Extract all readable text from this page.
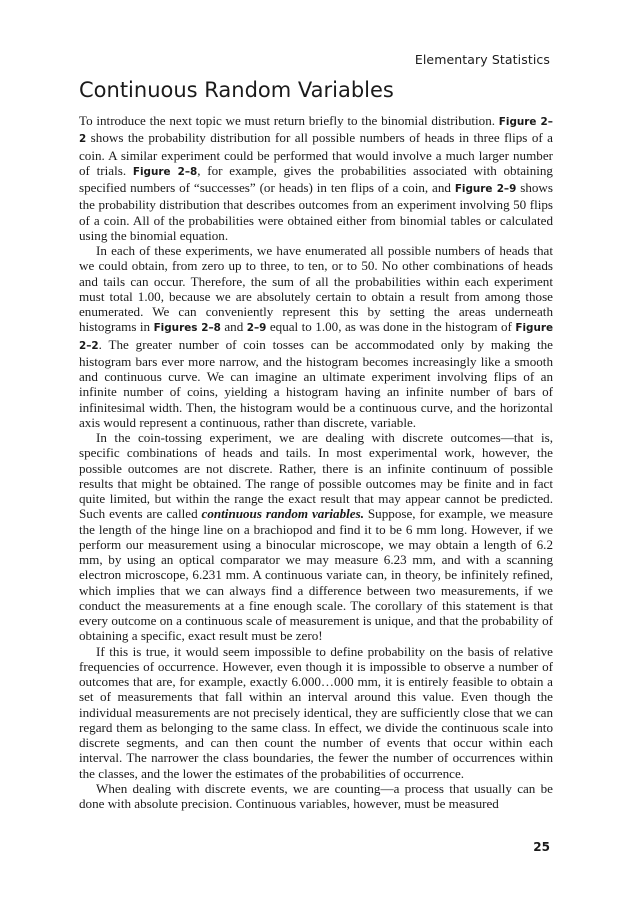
Elementary Statistics
Continuous Random Variables

To introduce the next topic we must return briefly to the binomial distribution. Figure 2–2 shows the probability distribution for all possible numbers of heads in three flips of a coin. A similar experiment could be performed that would involve a much larger number of trials. Figure 2–8, for example, gives the probabilities associated with obtaining specified numbers of “successes” (or heads) in ten flips of a coin, and Figure 2–9 shows the probability distribution that describes outcomes from an experiment involving 50 flips of a coin. All of the probabilities were obtained either from binomial tables or calculated using the binomial equation.

In each of these experiments, we have enumerated all possible numbers of heads that we could obtain, from zero up to three, to ten, or to 50. No other combinations of heads and tails can occur. Therefore, the sum of all the probabilities within each experiment must total 1.00, because we are absolutely certain to obtain a result from among those enumerated. We can conveniently represent this by setting the areas underneath histograms in Figures 2–8 and 2–9 equal to 1.00, as was done in the histogram of Figure 2–2. The greater number of coin tosses can be accommodated only by making the histogram bars ever more narrow, and the histogram becomes increasingly like a smooth and continuous curve. We can imagine an ultimate experiment involving flips of an infinite number of coins, yielding a histogram having an infinite number of bars of infinitesimal width. Then, the histogram would be a continuous curve, and the horizontal axis would represent a continuous, rather than discrete, variable.

In the coin-tossing experiment, we are dealing with discrete outcomes—that is, specific combinations of heads and tails. In most experimental work, however, the possible outcomes are not discrete. Rather, there is an infinite continuum of possible results that might be obtained. The range of possible outcomes may be finite and in fact quite limited, but within the range the exact result that may appear cannot be predicted. Such events are called continuous random variables. Suppose, for example, we measure the length of the hinge line on a brachiopod and find it to be 6 mm long. However, if we perform our measurement using a binocular microscope, we may obtain a length of 6.2 mm, by using an optical comparator we may measure 6.23 mm, and with a scanning electron microscope, 6.231 mm. A continuous variate can, in theory, be infinitely refined, which implies that we can always find a difference between two measurements, if we conduct the measurements at a fine enough scale. The corollary of this statement is that every outcome on a continuous scale of measurement is unique, and that the probability of obtaining a specific, exact result must be zero!

If this is true, it would seem impossible to define probability on the basis of relative frequencies of occurrence. However, even though it is impossible to observe a number of outcomes that are, for example, exactly 6.000…000 mm, it is entirely feasible to obtain a set of measurements that fall within an interval around this value. Even though the individual measurements are not precisely identical, they are sufficiently close that we can regard them as belonging to the same class. In effect, we divide the continuous scale into discrete segments, and can then count the number of events that occur within each interval. The narrower the class boundaries, the fewer the number of occurrences within the classes, and the lower the estimates of the probabilities of occurrence.

When dealing with discrete events, we are counting—a process that usually can be done with absolute precision. Continuous variables, however, must be measured

25
